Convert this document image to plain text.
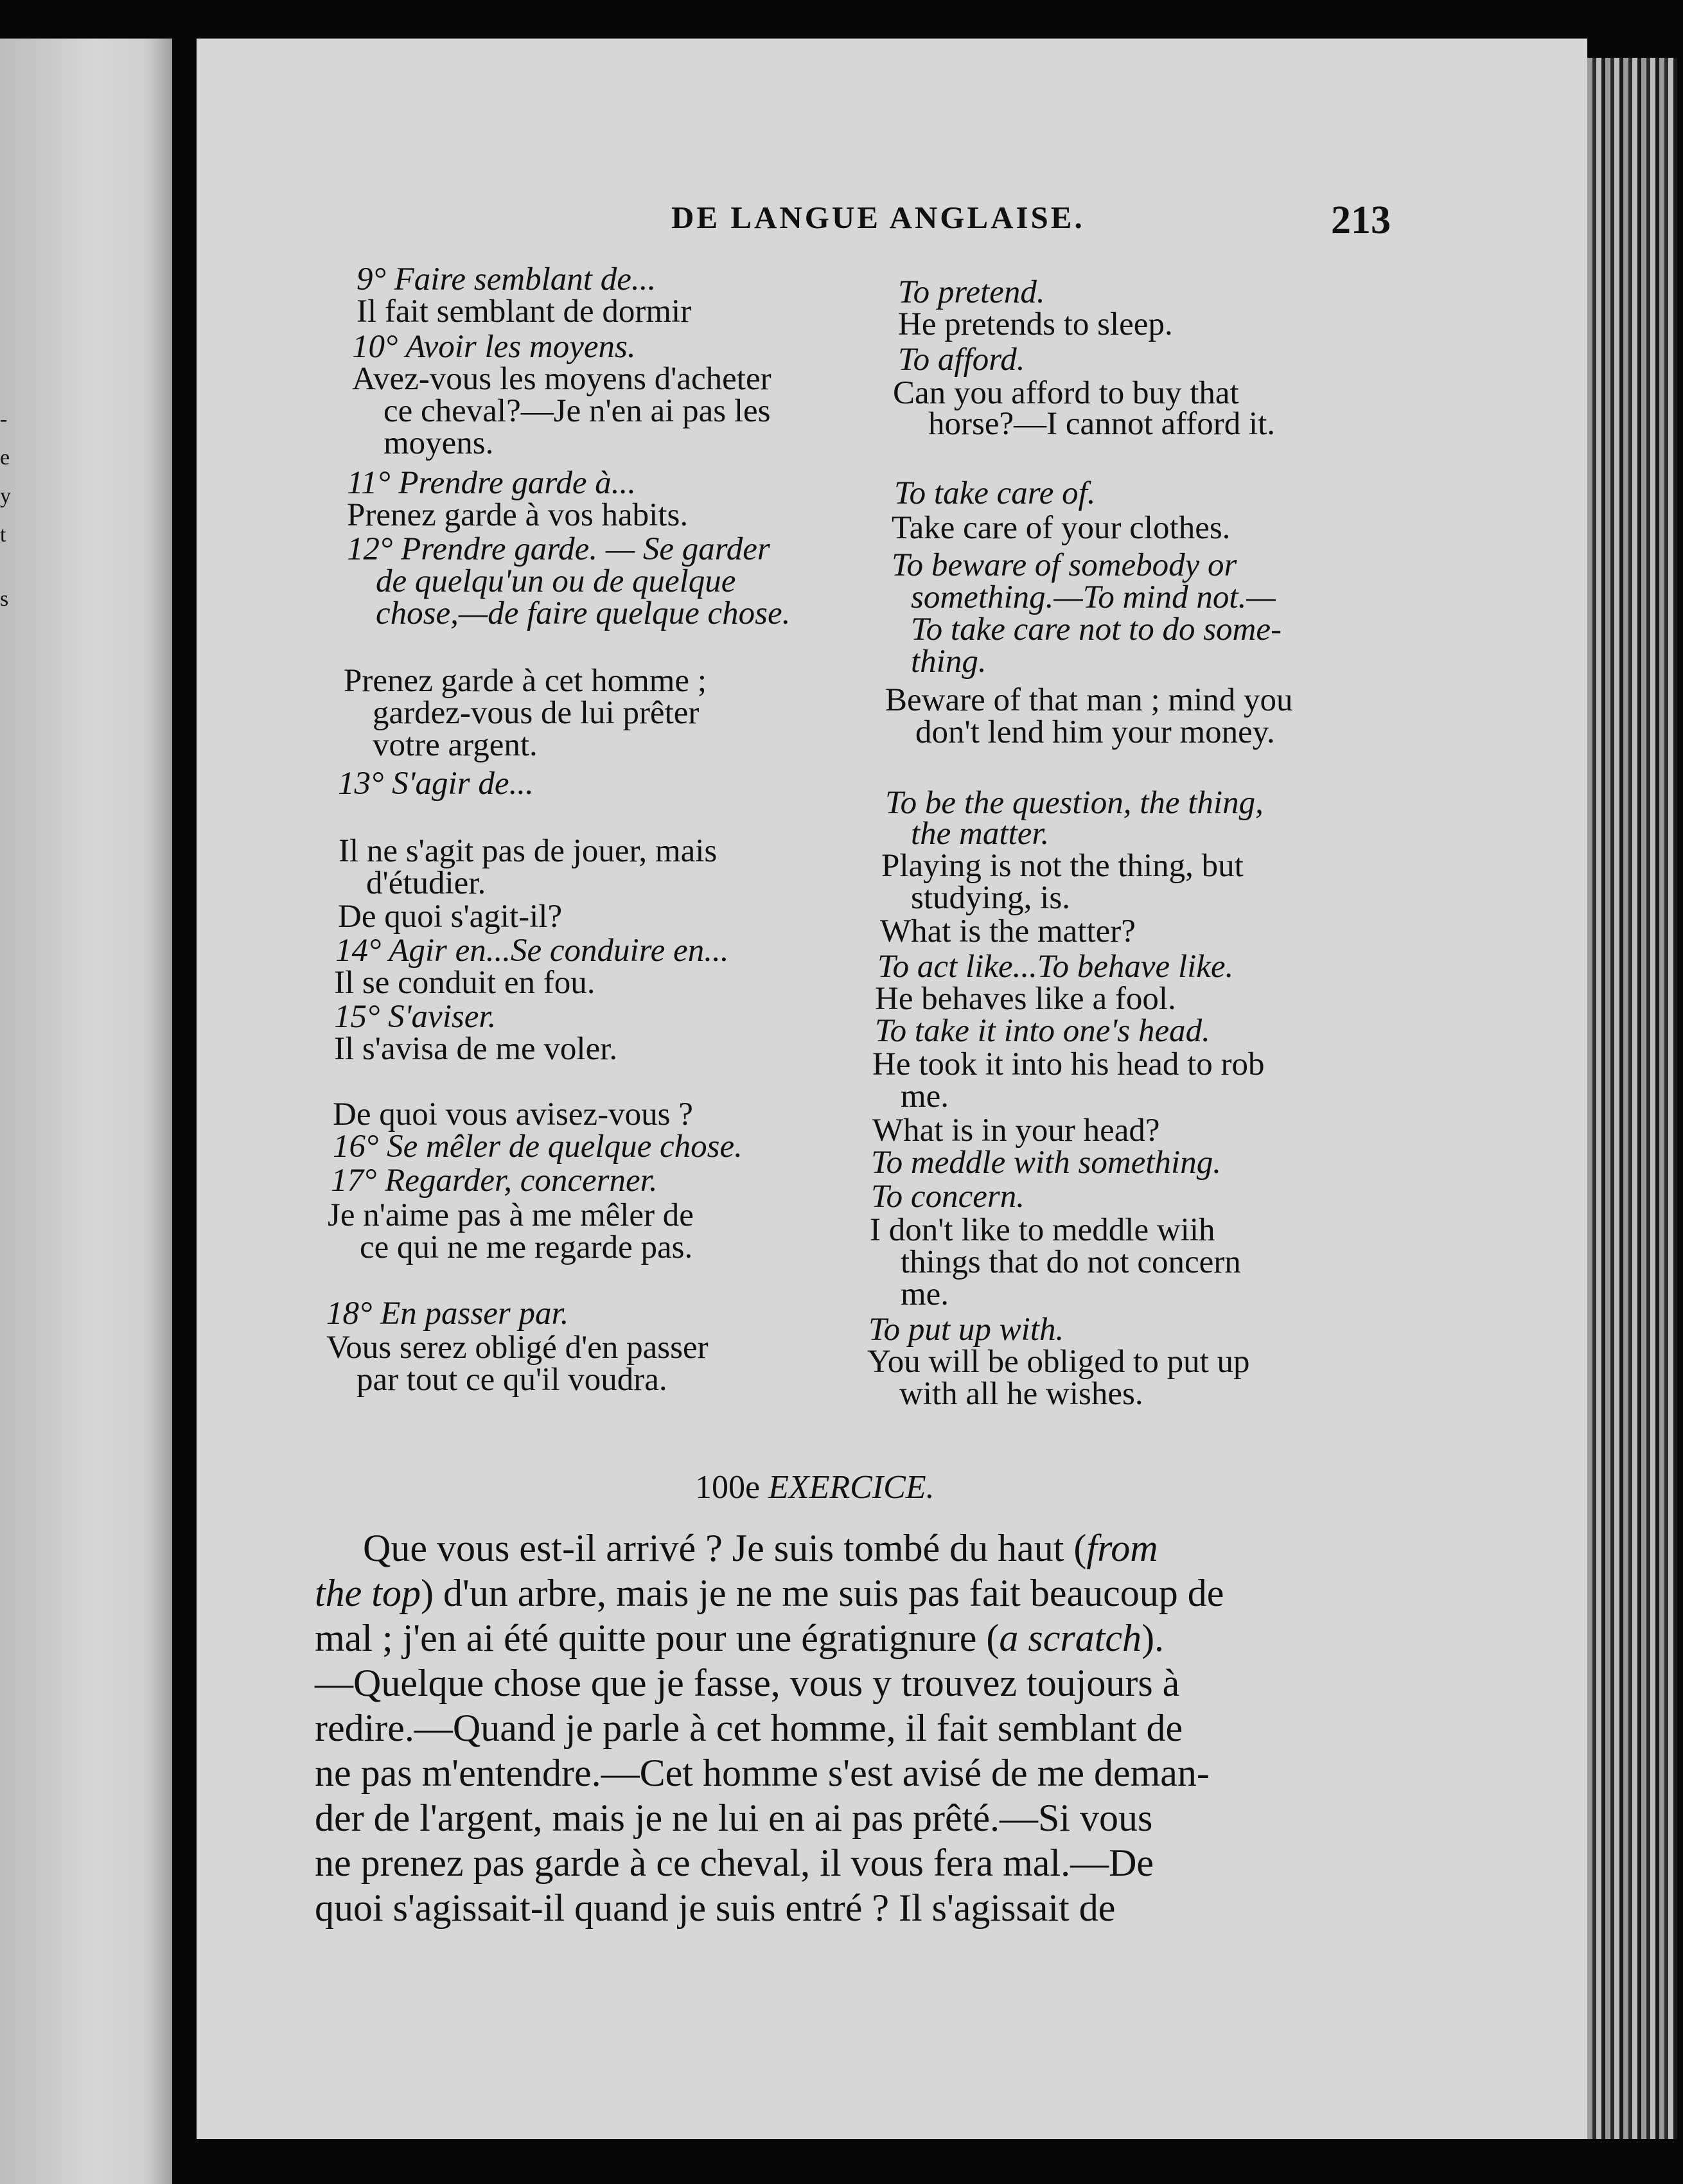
-
e
y
t
s
DE LANGUE ANGLAISE.	213
9° Faire semblant de...
Il fait semblant de dormir
10° Avoir les moyens.
Avez-vous les moyens d'acheter
ce cheval?—Je n'en ai pas les
moyens.
11° Prendre garde à...
Prenez garde à vos habits.
12° Prendre garde. — Se garder
de quelqu'un ou de quelque
chose,—de faire quelque chose.
Prenez garde à cet homme ;
gardez-vous de lui prêter
votre argent.
13° S'agir de...
Il ne s'agit pas de jouer, mais
d'étudier.
De quoi s'agit-il?
14° Agir en...Se conduire en...
Il se conduit en fou.
15° S'aviser.
Il s'avisa de me voler.
De quoi vous avisez-vous ?
16° Se mêler de quelque chose.
17° Regarder, concerner.
Je n'aime pas à me mêler de
ce qui ne me regarde pas.
18° En passer par.
Vous serez obligé d'en passer
par tout ce qu'il voudra.
To pretend.
He pretends to sleep.
To afford.
Can you afford to buy that
horse?—I cannot afford it.
To take care of.
Take care of your clothes.
To beware of somebody or
something.—To mind not.—
To take care not to do some-
thing.
Beware of that man ; mind you
don't lend him your money.
To be the question, the thing,
the matter.
Playing is not the thing, but
studying, is.
What is the matter?
To act like...To behave like.
He behaves like a fool.
To take it into one's head.
He took it into his head to rob
me.
What is in your head?
To meddle with something.
To concern.
I don't like to meddle wiih
things that do not concern
me.
To put up with.
You will be obliged to put up
with all he wishes.
100e EXERCICE.
Que vous est-il arrivé ? Je suis tombé du haut (from
the top) d'un arbre, mais je ne me suis pas fait beaucoup de
mal ; j'en ai été quitte pour une égratignure (a scratch).
—Quelque chose que je fasse, vous y trouvez toujours à
redire.—Quand je parle à cet homme, il fait semblant de
ne pas m'entendre.—Cet homme s'est avisé de me deman-
der de l'argent, mais je ne lui en ai pas prêté.—Si vous
ne prenez pas garde à ce cheval, il vous fera mal.—De
quoi s'agissait-il quand je suis entré ? Il s'agissait de
